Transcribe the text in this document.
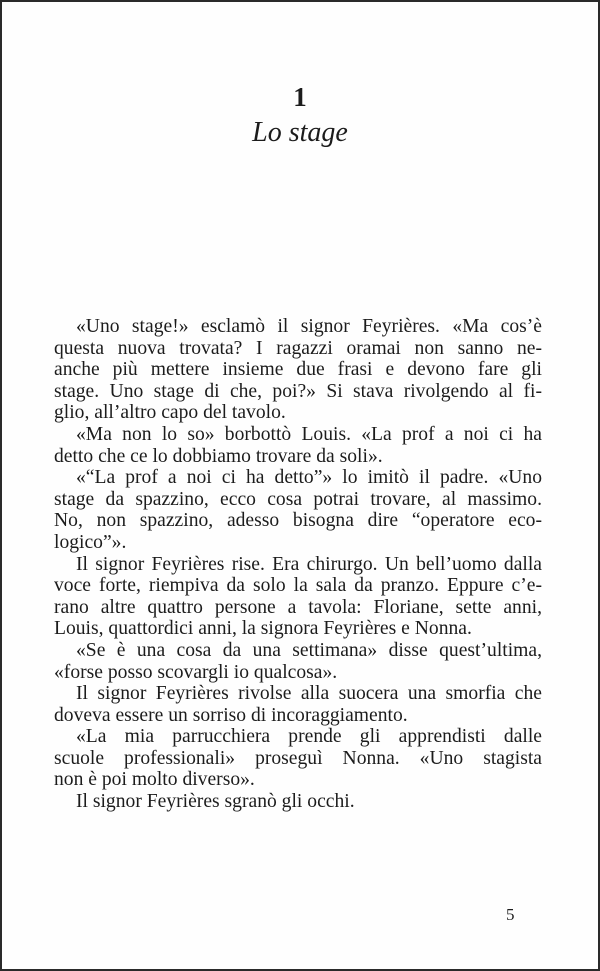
1
Lo stage
«Uno stage!» esclamò il signor Feyrières. «Ma cos’è
questa nuova trovata? I ragazzi oramai non sanno ne-
anche più mettere insieme due frasi e devono fare gli
stage. Uno stage di che, poi?» Si stava rivolgendo al fi-
glio, all’altro capo del tavolo.
«Ma non lo so» borbottò Louis. «La prof a noi ci ha
detto che ce lo dobbiamo trovare da soli».
«“La prof a noi ci ha detto”» lo imitò il padre. «Uno
stage da spazzino, ecco cosa potrai trovare, al massimo.
No, non spazzino, adesso bisogna dire “operatore eco-
logico”».
Il signor Feyrières rise. Era chirurgo. Un bell’uomo dalla
voce forte, riempiva da solo la sala da pranzo. Eppure c’e-
rano altre quattro persone a tavola: Floriane, sette anni,
Louis, quattordici anni, la signora Feyrières e Nonna.
«Se è una cosa da una settimana» disse quest’ultima,
«forse posso scovargli io qualcosa».
Il signor Feyrières rivolse alla suocera una smorfia che
doveva essere un sorriso di incoraggiamento.
«La mia parrucchiera prende gli apprendisti dalle
scuole professionali» proseguì Nonna. «Uno stagista
non è poi molto diverso».
Il signor Feyrières sgranò gli occhi.
5
